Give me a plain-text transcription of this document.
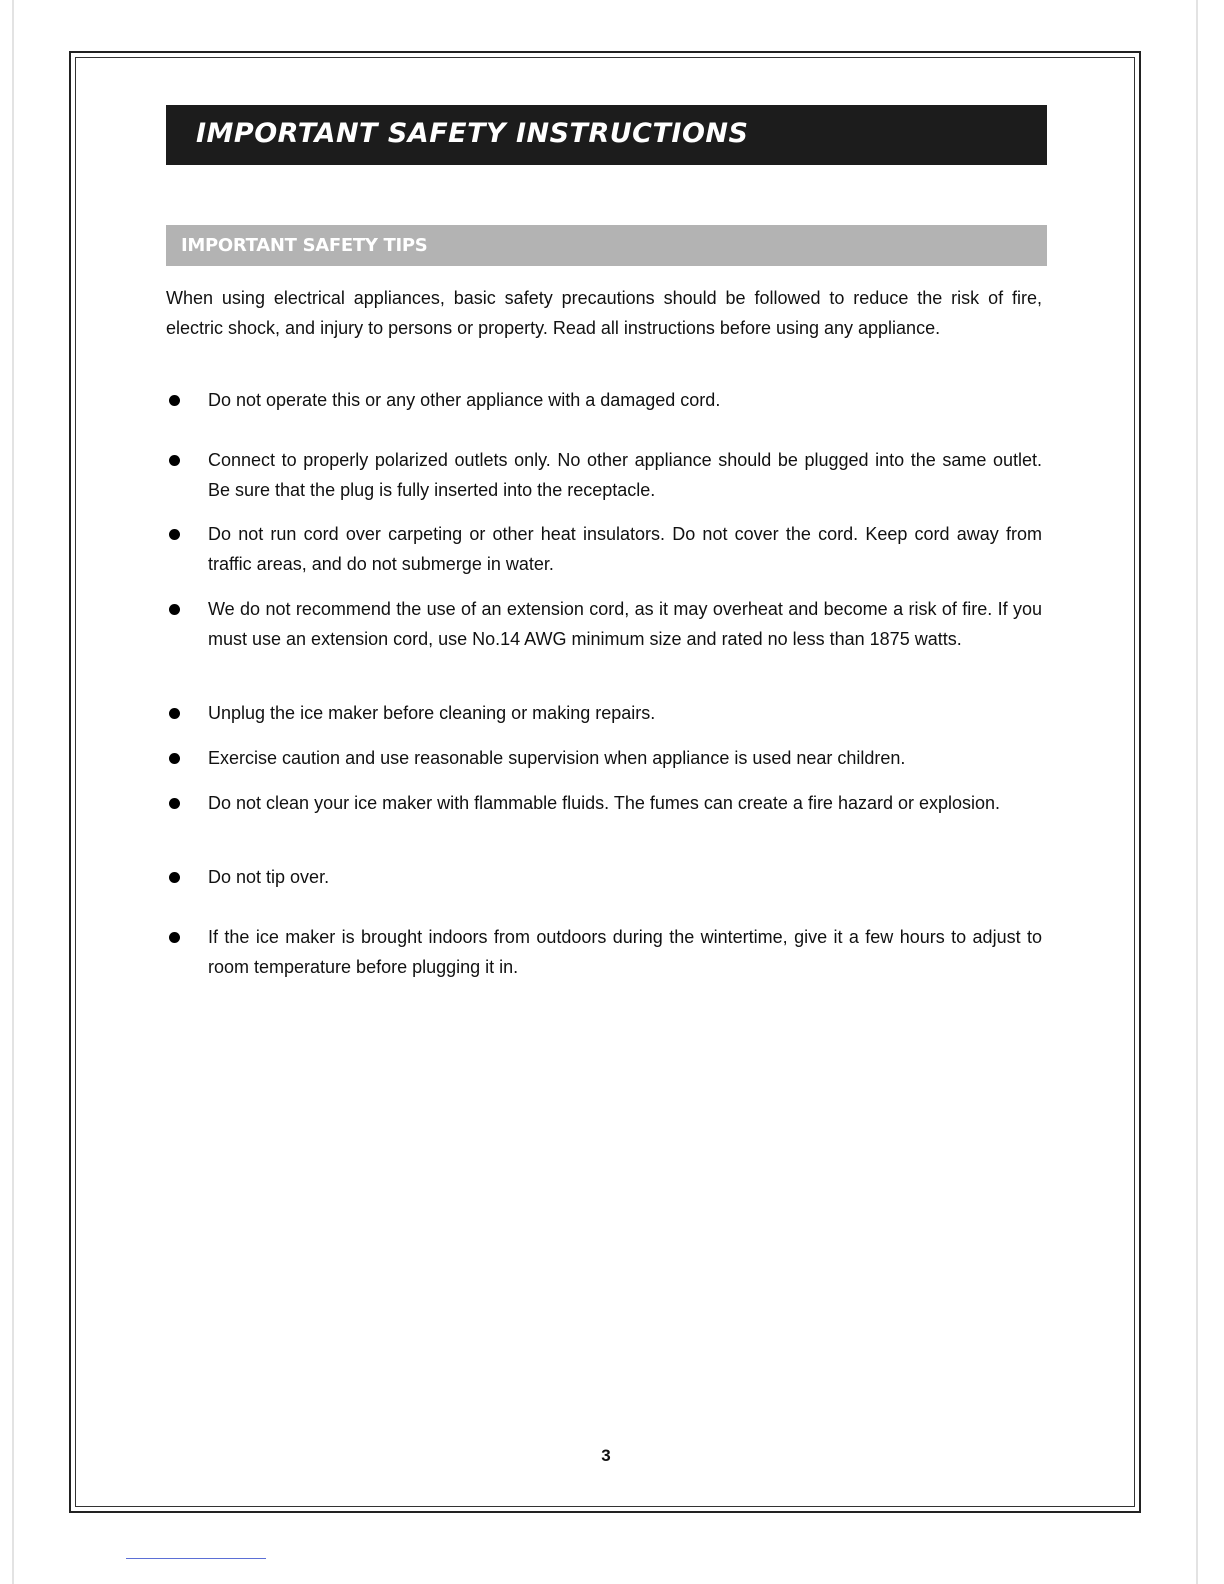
IMPORTANT SAFETY INSTRUCTIONS
IMPORTANT SAFETY TIPS

When using electrical appliances, basic safety precautions should be followed to reduce the risk of fire, electric shock, and injury to persons or property. Read all instructions before using any appliance.

Do not operate this or any other appliance with a damaged cord.
Connect to properly polarized outlets only. No other appliance should be plugged into the same outlet. Be sure that the plug is fully inserted into the receptacle.
Do not run cord over carpeting or other heat insulators. Do not cover the cord. Keep cord away from traffic areas, and do not submerge in water.
We do not recommend the use of an extension cord, as it may overheat and become a risk of fire. If you must use an extension cord, use No.14 AWG minimum size and rated no less than 1875 watts.
Unplug the ice maker before cleaning or making repairs.
Exercise caution and use reasonable supervision when appliance is used near children.
Do not clean your ice maker with flammable fluids. The fumes can create a fire hazard or explosion.
Do not tip over.
If the ice maker is brought indoors from outdoors during the wintertime, give it a few hours to adjust to room temperature before plugging it in.
3
